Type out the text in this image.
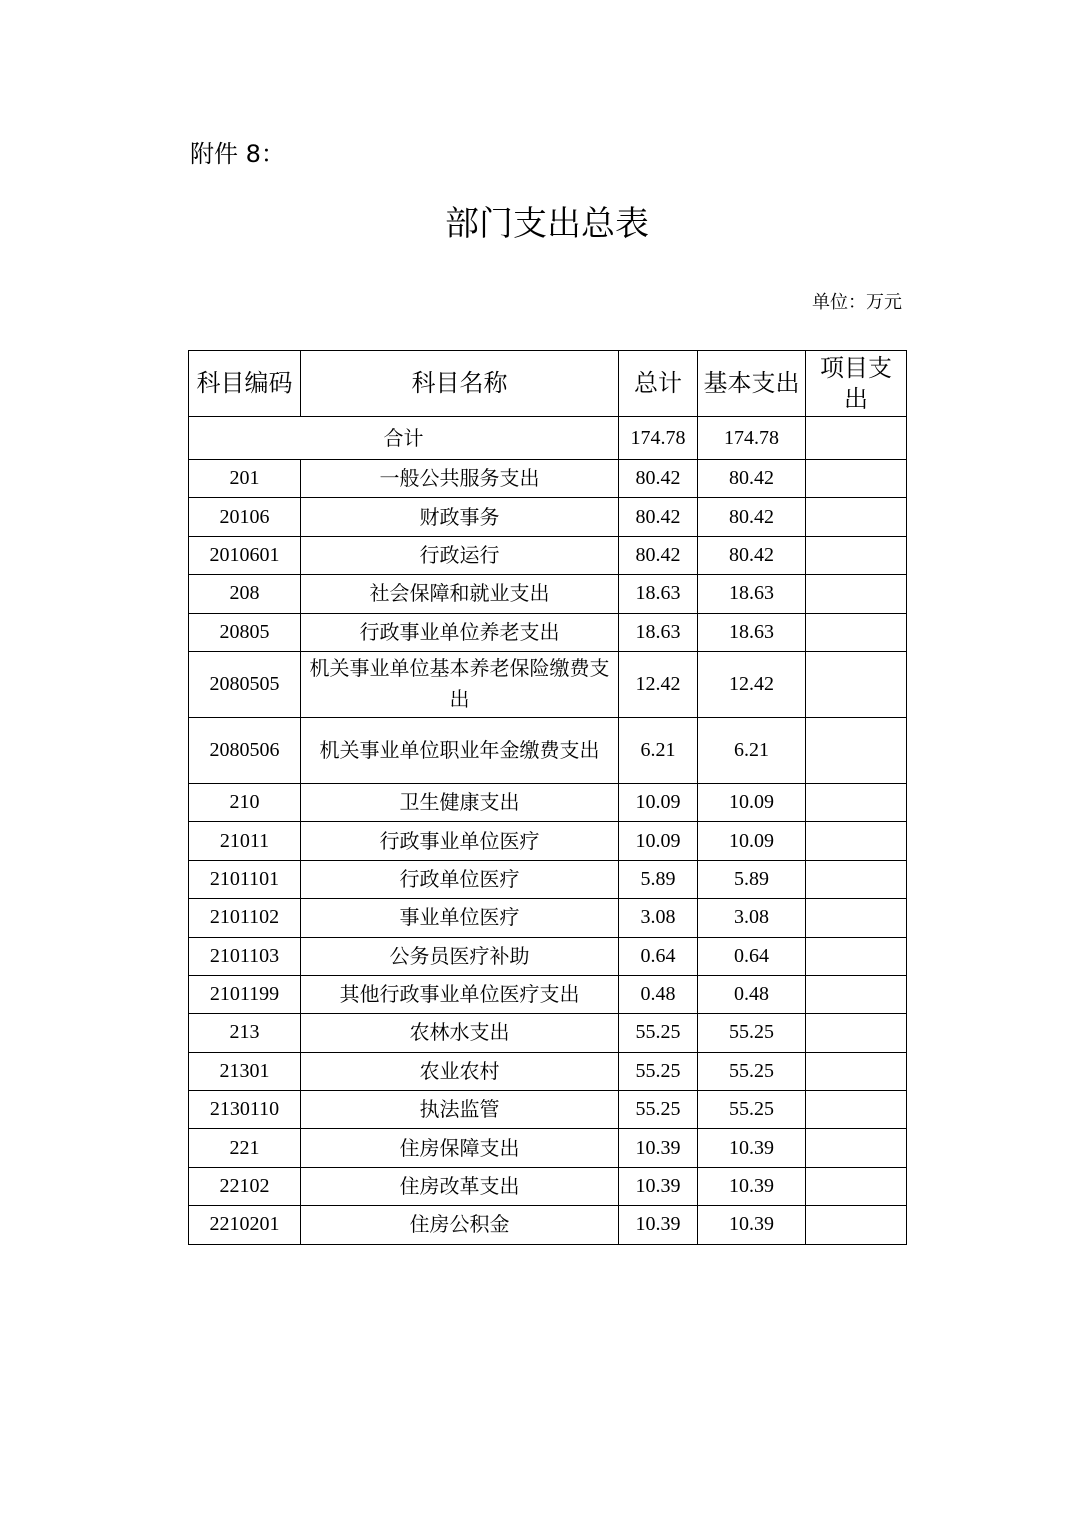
附件 8：
部门支出总表
单位：万元
科目编码	科目名称	总计	基本支出	项目支出
合计		174.78	174.78	
201	一般公共服务支出	80.42	80.42	
20106	财政事务	80.42	80.42	
2010601	行政运行	80.42	80.42	
208	社会保障和就业支出	18.63	18.63	
20805	行政事业单位养老支出	18.63	18.63	
2080505	机关事业单位基本养老保险缴费支出	12.42	12.42	
2080506	机关事业单位职业年金缴费支出	6.21	6.21	
210	卫生健康支出	10.09	10.09	
21011	行政事业单位医疗	10.09	10.09	
2101101	行政单位医疗	5.89	5.89	
2101102	事业单位医疗	3.08	3.08	
2101103	公务员医疗补助	0.64	0.64	
2101199	其他行政事业单位医疗支出	0.48	0.48	
213	农林水支出	55.25	55.25	
21301	农业农村	55.25	55.25	
2130110	执法监管	55.25	55.25	
221	住房保障支出	10.39	10.39	
22102	住房改革支出	10.39	10.39	
2210201	住房公积金	10.39	10.39	
